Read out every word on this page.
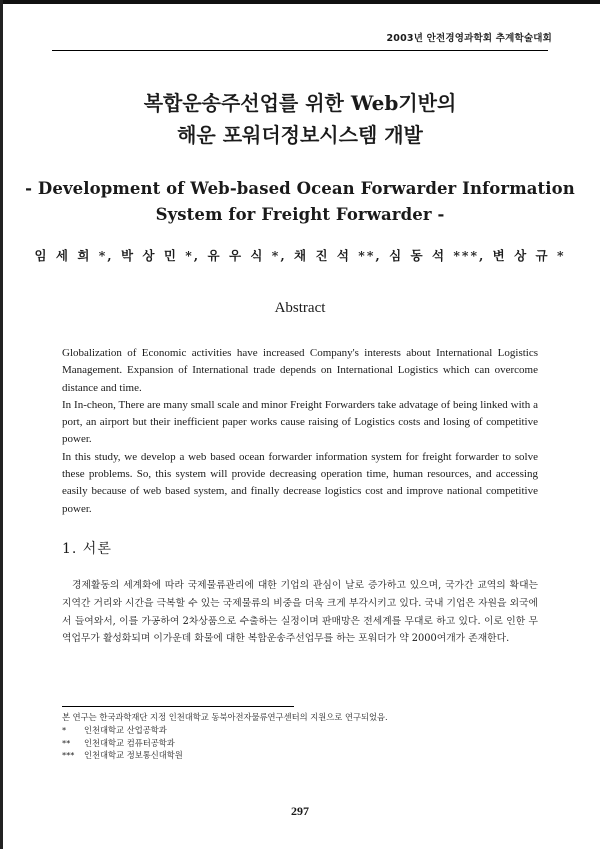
2003년 안전경영과학회 추계학술대회
복합운송주선업를 위한 Web기반의
해운 포워더정보시스템 개발
- Development of Web-based Ocean Forwarder Information
System for Freight Forwarder -
임 세 희 *, 박 상 민 *, 유 우 식 *, 채 진 석 **, 심 동 석 ***, 변 상 규 *
Abstract

Globalization of Economic activities have increased Company's interests about International Logistics Management. Expansion of International trade depends on International Logistics which can overcome distance and time.

In In-cheon, There are many small scale and minor Freight Forwarders take advatage of being linked with a port, an airport but their inefficient paper works cause raising of Logistics costs and losing of competitive power.

In this study, we develop a web based ocean forwarder information system for freight forwarder to solve these problems. So, this system will provide decreasing operation time, human resources, and accessing easily because of web based system, and finally decrease logistics cost and improve national competitive power.

1. 서론

경제활동의 세계화에 따라 국제물류관리에 대한 기업의 관심이 날로 증가하고 있으며, 국가간 교역의 확대는 지역간 거리와 시간을 극복할 수 있는 국제물류의 비중을 더욱 크게 부각시키고 있다. 국내 기업은 자원을 외국에서 들여와서, 이를 가공하여 2차상품으로 수출하는 실정이며 판매망은 전세계를 무대로 하고 있다. 이로 인한 무역업무가 활성화되며 이가운데 화물에 대한 복합운송주선업무를 하는 포워더가 약 2000여개가 존재한다.

본 연구는 한국과학재단 지정 인천대학교 동북아전자물류연구센터의 지원으로 연구되었음.
* 인천대학교 산업공학과
** 인천대학교 컴퓨터공학과
*** 인천대학교 정보통신대학원
297
